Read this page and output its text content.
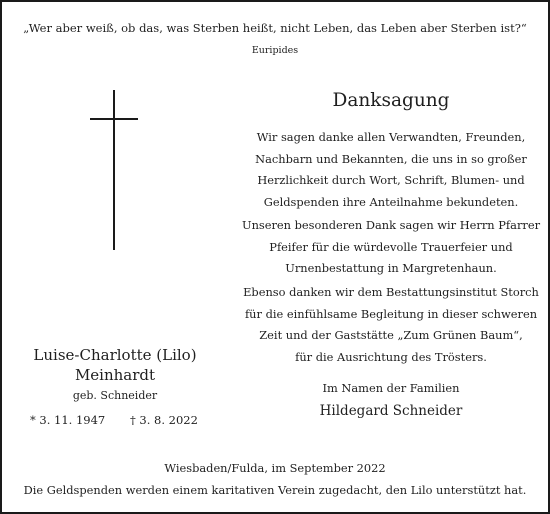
„Wer aber weiß, ob das, was Sterben heißt, nicht Leben, das Leben aber Sterben ist?“
Euripides
Luise-Charlotte (Lilo)
Meinhardt
geb. Schneider
* 3. 11. 1947 † 3. 8. 2022
Danksagung
Wir sagen danke allen Verwandten, Freunden,
Nachbarn und Bekannten, die uns in so großer
Herzlichkeit durch Wort, Schrift, Blumen- und
Geldspenden ihre Anteilnahme bekundeten.
Unseren besonderen Dank sagen wir Herrn Pfarrer
Pfeifer für die würdevolle Trauerfeier und
Urnenbestattung in Margretenhaun.
Ebenso danken wir dem Bestattungsinstitut Storch
für die einfühlsame Begleitung in dieser schweren
Zeit und der Gaststätte „Zum Grünen Baum“,
für die Ausrichtung des Trösters.
Im Namen der Familien
Hildegard Schneider
Wiesbaden/Fulda, im September 2022
Die Geldspenden werden einem karitativen Verein zugedacht, den Lilo unterstützt hat.
